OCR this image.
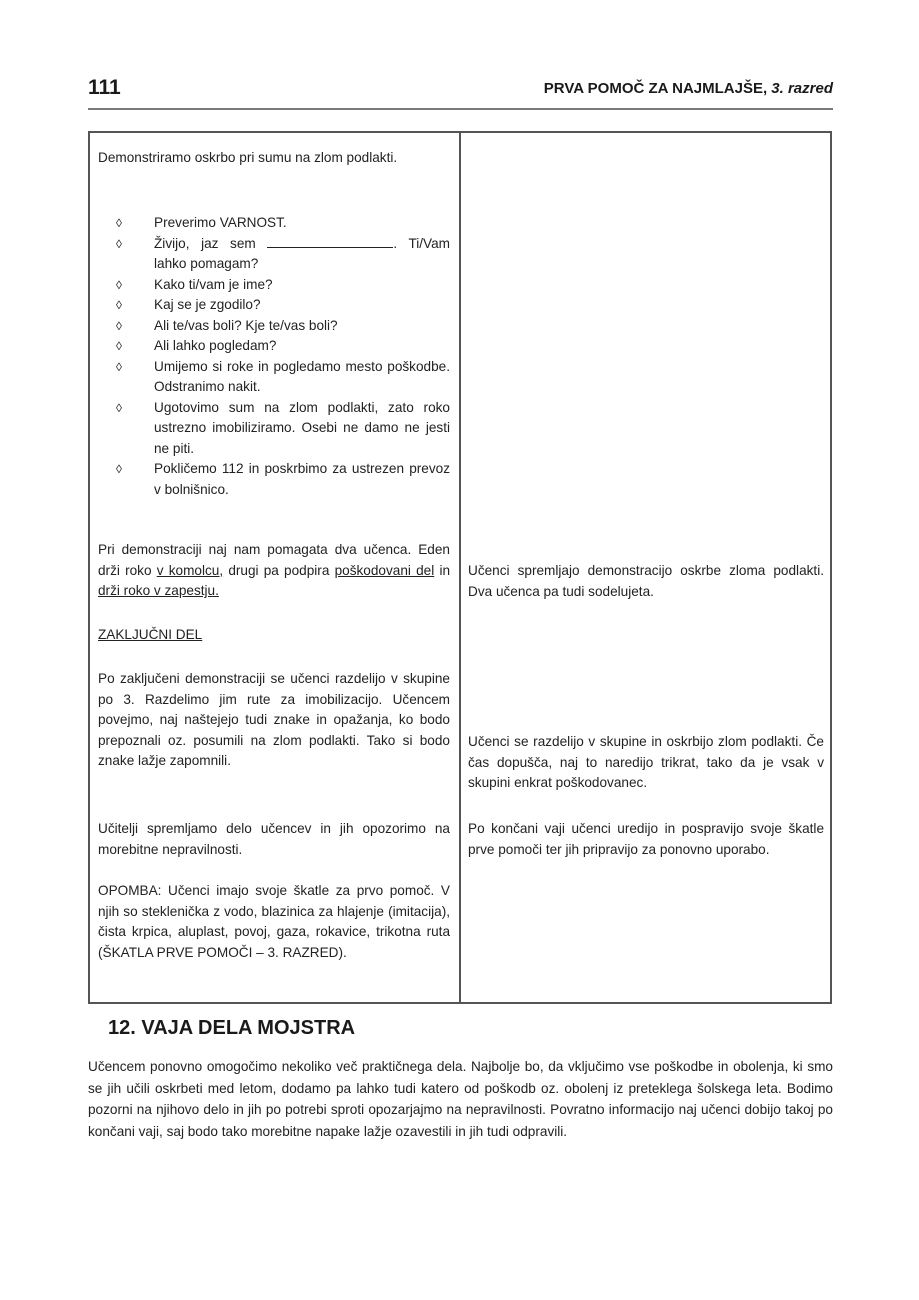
111	PRVA POMOČ ZA NAJMLAJŠE, 3. razred
Demonstriramo oskrbo pri sumu na zlom podlakti.
◊ Preverimo VARNOST.
◊ Živijo, jaz sem	. Ti/Vam lahko pomagam?
◊ Kako ti/vam je ime?
◊ Kaj se je zgodilo?
◊ Ali te/vas boli? Kje te/vas boli?
◊ Ali lahko pogledam?
◊ Umijemo si roke in pogledamo mesto poškodbe. Odstranimo nakit.
◊ Ugotovimo sum na zlom podlakti, zato roko ustrezno imobiliziramo. Osebi ne damo ne jesti ne piti.
◊ Pokličemo 112 in poskrbimo za ustrezen prevoz v bolnišnico.
Pri demonstraciji naj nam pomagata dva učenca. Eden drži roko v komolcu, drugi pa podpira poškodovani del in drži roko v zapestju.
ZAKLJUČNI DEL
Po zaključeni demonstraciji se učenci razdelijo v skupine po 3. Razdelimo jim rute za imobilizacijo. Učencem povejmo, naj naštejejo tudi znake in opažanja, ko bodo prepoznali oz. posumili na zlom podlakti. Tako si bodo znake lažje zapomnili.
Učitelji spremljamo delo učencev in jih opozorimo na morebitne nepravilnosti.
OPOMBA: Učenci imajo svoje škatle za prvo pomoč. V njih so steklenička z vodo, blazinica za hlajenje (imitacija), čista krpica, aluplast, povoj, gaza, rokavice, trikotna ruta (ŠKATLA PRVE POMOČI – 3. RAZRED).
Učenci spremljajo demonstracijo oskrbe zloma podlakti. Dva učenca pa tudi sodelujeta.
Učenci se razdelijo v skupine in oskrbijo zlom podlakti. Če čas dopušča, naj to naredijo trikrat, tako da je vsak v skupini enkrat poškodovanec.
Po končani vaji učenci uredijo in pospravijo svoje škatle prve pomoči ter jih pripravijo za ponovno uporabo.
12. VAJA DELA MOJSTRA
Učencem ponovno omogočimo nekoliko več praktičnega dela. Najbolje bo, da vključimo vse poškodbe in obolenja, ki smo se jih učili oskrbeti med letom, dodamo pa lahko tudi katero od poškodb oz. obolenj iz preteklega šolskega leta. Bodimo pozorni na njihovo delo in jih po potrebi sproti opozarjajmo na nepravilnosti. Povratno informacijo naj učenci dobijo takoj po končani vaji, saj bodo tako morebitne napake lažje ozavestili in jih tudi odpravili.
